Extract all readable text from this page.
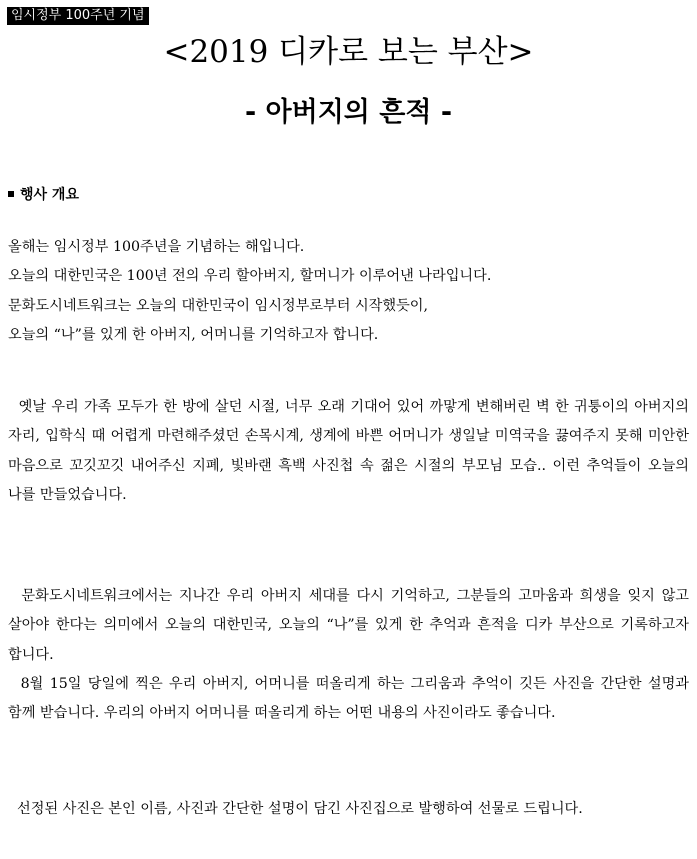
임시정부 100주년 기념
<2019 디카로 보는 부산>
- 아버지의 흔적 -
행사 개요
올해는 임시정부 100주년을 기념하는 해입니다.
오늘의 대한민국은 100년 전의 우리 할아버지, 할머니가 이루어낸 나라입니다.
문화도시네트워크는 오늘의 대한민국이 임시정부로부터 시작했듯이,
오늘의 “나”를 있게 한 아버지, 어머니를 기억하고자 합니다.
옛날 우리 가족 모두가 한 방에 살던 시절, 너무 오래 기대어 있어 까맣게 변해버린 벽 한 귀퉁이의 아버지의 자리, 입학식 때 어렵게 마련해주셨던 손목시계, 생계에 바쁜 어머니가 생일날 미역국을 끓여주지 못해 미안한 마음으로 꼬깃꼬깃 내어주신 지폐, 빛바랜 흑백 사진첩 속 젊은 시절의 부모님 모습.. 이런 추억들이 오늘의 나를 만들었습니다.
문화도시네트워크에서는 지나간 우리 아버지 세대를 다시 기억하고, 그분들의 고마움과 희생을 잊지 않고 살아야 한다는 의미에서 오늘의 대한민국, 오늘의 “나”를 있게 한 추억과 흔적을 디카 부산으로 기록하고자 합니다.
8월 15일 당일에 찍은 우리 아버지, 어머니를 떠올리게 하는 그리움과 추억이 깃든 사진을 간단한 설명과 함께 받습니다. 우리의 아버지 어머니를 떠올리게 하는 어떤 내용의 사진이라도 좋습니다.
선정된 사진은 본인 이름, 사진과 간단한 설명이 담긴 사진집으로 발행하여 선물로 드립니다.
